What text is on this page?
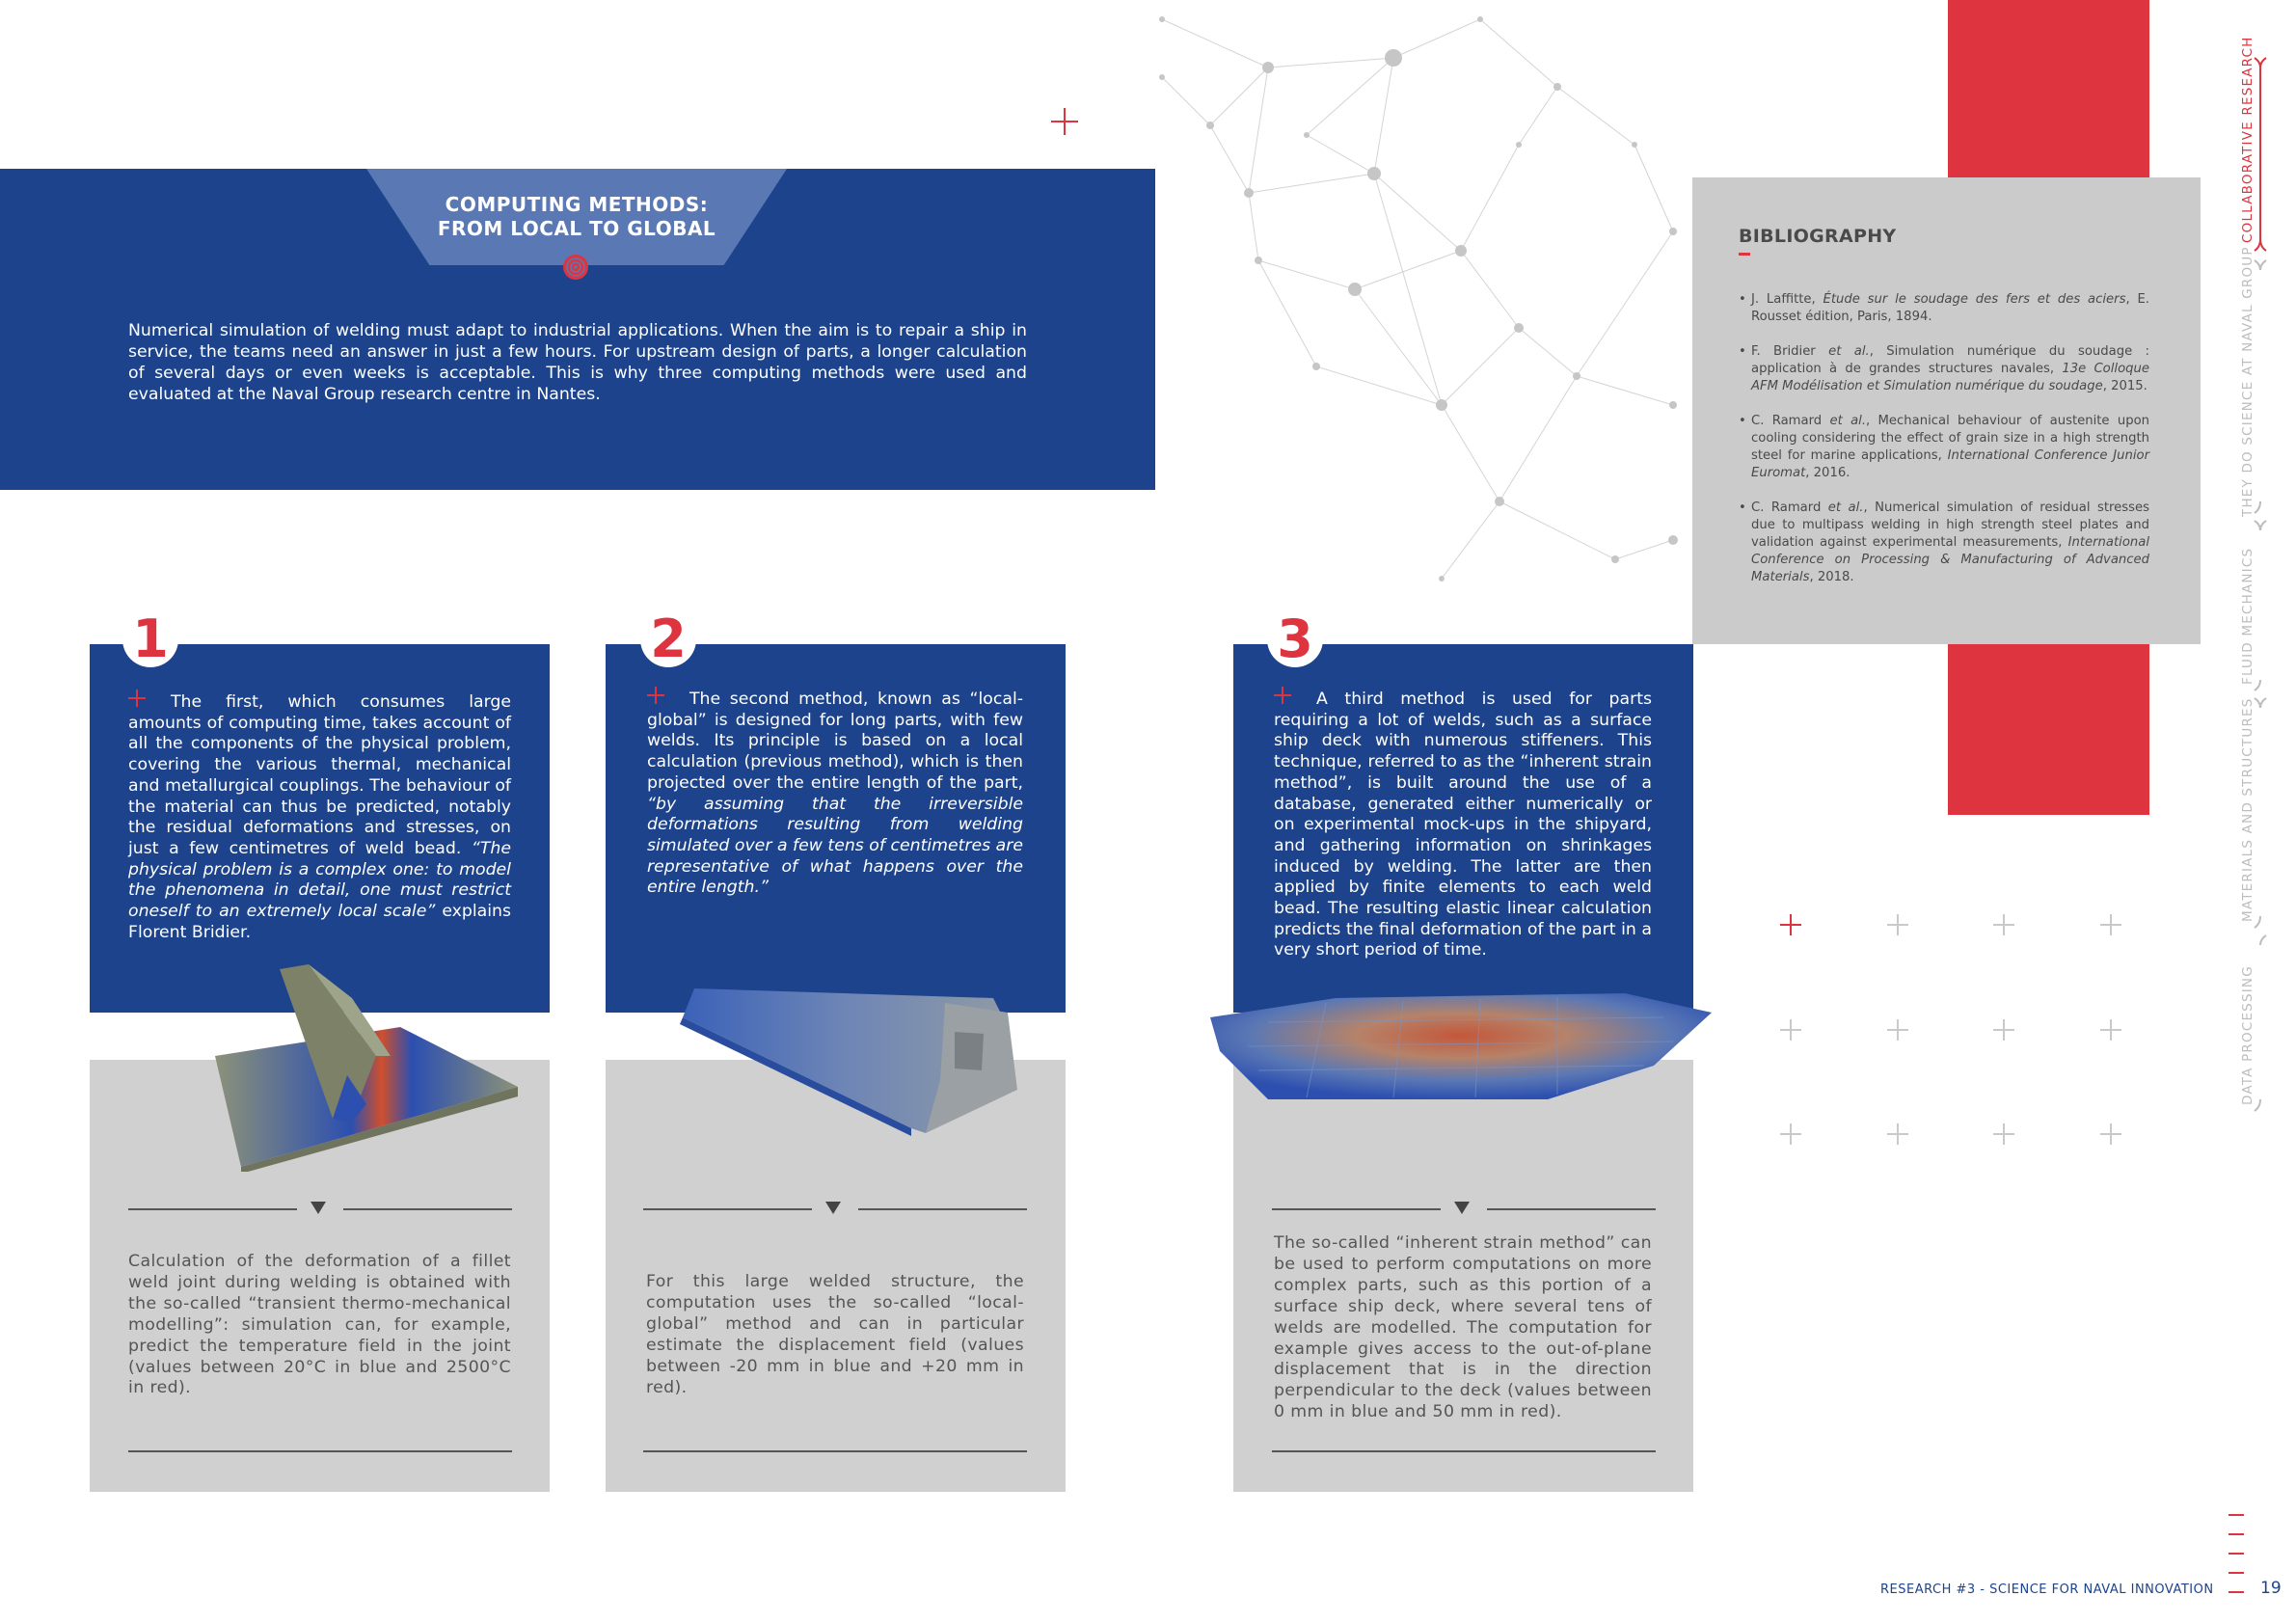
COMPUTING METHODS:
FROM LOCAL TO GLOBAL
Numerical simulation of welding must adapt to industrial applications. When the aim is to repair a ship in service, the teams need an answer in just a few hours. For upstream design of parts, a longer calculation of several days or even weeks is acceptable. This is why three computing methods were used and evaluated at the Naval Group research centre in Nantes.
BIBLIOGRAPHY
• J. Laffitte, Étude sur le soudage des fers et des aciers, E. Rousset édition, Paris, 1894.
• F. Bridier et al., Simulation numérique du soudage : application à de grandes structures navales, 13e Colloque AFM Modélisation et Simulation numérique du soudage, 2015.
• C. Ramard et al., Mechanical behaviour of austenite upon cooling considering the effect of grain size in a high strength steel for marine applications, International Conference Junior Euromat, 2016.
• C. Ramard et al., Numerical simulation of residual stresses due to multipass welding in high strength steel plates and validation against experimental measurements, International Conference on Processing & Manufacturing of Advanced Materials, 2018.
COLLABORATIVE RESEARCH
THEY DO SCIENCE AT NAVAL GROUP
FLUID MECHANICS
MATERIALS AND STRUCTURES
DATA PROCESSING
1
The first, which consumes large amounts of computing time, takes account of all the components of the physical problem, covering the various thermal, mechanical and metallurgical couplings. The behaviour of the material can thus be predicted, notably the residual deformations and stresses, on just a few centimetres of weld bead. “The physical problem is a complex one: to model the phenomena in detail, one must restrict oneself to an extremely local scale” explains Florent Bridier.
Calculation of the deformation of a fillet weld joint during welding is obtained with the so-called “transient thermo-mechanical modelling”: simulation can, for example, predict the temperature field in the joint (values between 20°C in blue and 2500°C in red).
2
The second method, known as “local-global” is designed for long parts, with few welds. Its principle is based on a local calculation (previous method), which is then projected over the entire length of the part, “by assuming that the irreversible deformations resulting from welding simulated over a few tens of centimetres are representative of what happens over the entire length.”
For this large welded structure, the computation uses the so-called “local-global” method and can in particular estimate the displacement field (values between -20 mm in blue and +20 mm in red).
3
A third method is used for parts requiring a lot of welds, such as a surface ship deck with numerous stiffeners. This technique, referred to as the “inherent strain method”, is built around the use of a database, generated either numerically or on experimental mock-ups in the shipyard, and gathering information on shrinkages induced by welding. The latter are then applied by finite elements to each weld bead. The resulting elastic linear calculation predicts the final deformation of the part in a very short period of time.
The so-called “inherent strain method” can be used to perform computations on more complex parts, such as this portion of a surface ship deck, where several tens of welds are modelled. The computation for example gives access to the out-of-plane displacement that is in the direction perpendicular to the deck (values between 0 mm in blue and 50 mm in red).
RESEARCH #3 - SCIENCE FOR NAVAL INNOVATION	19
